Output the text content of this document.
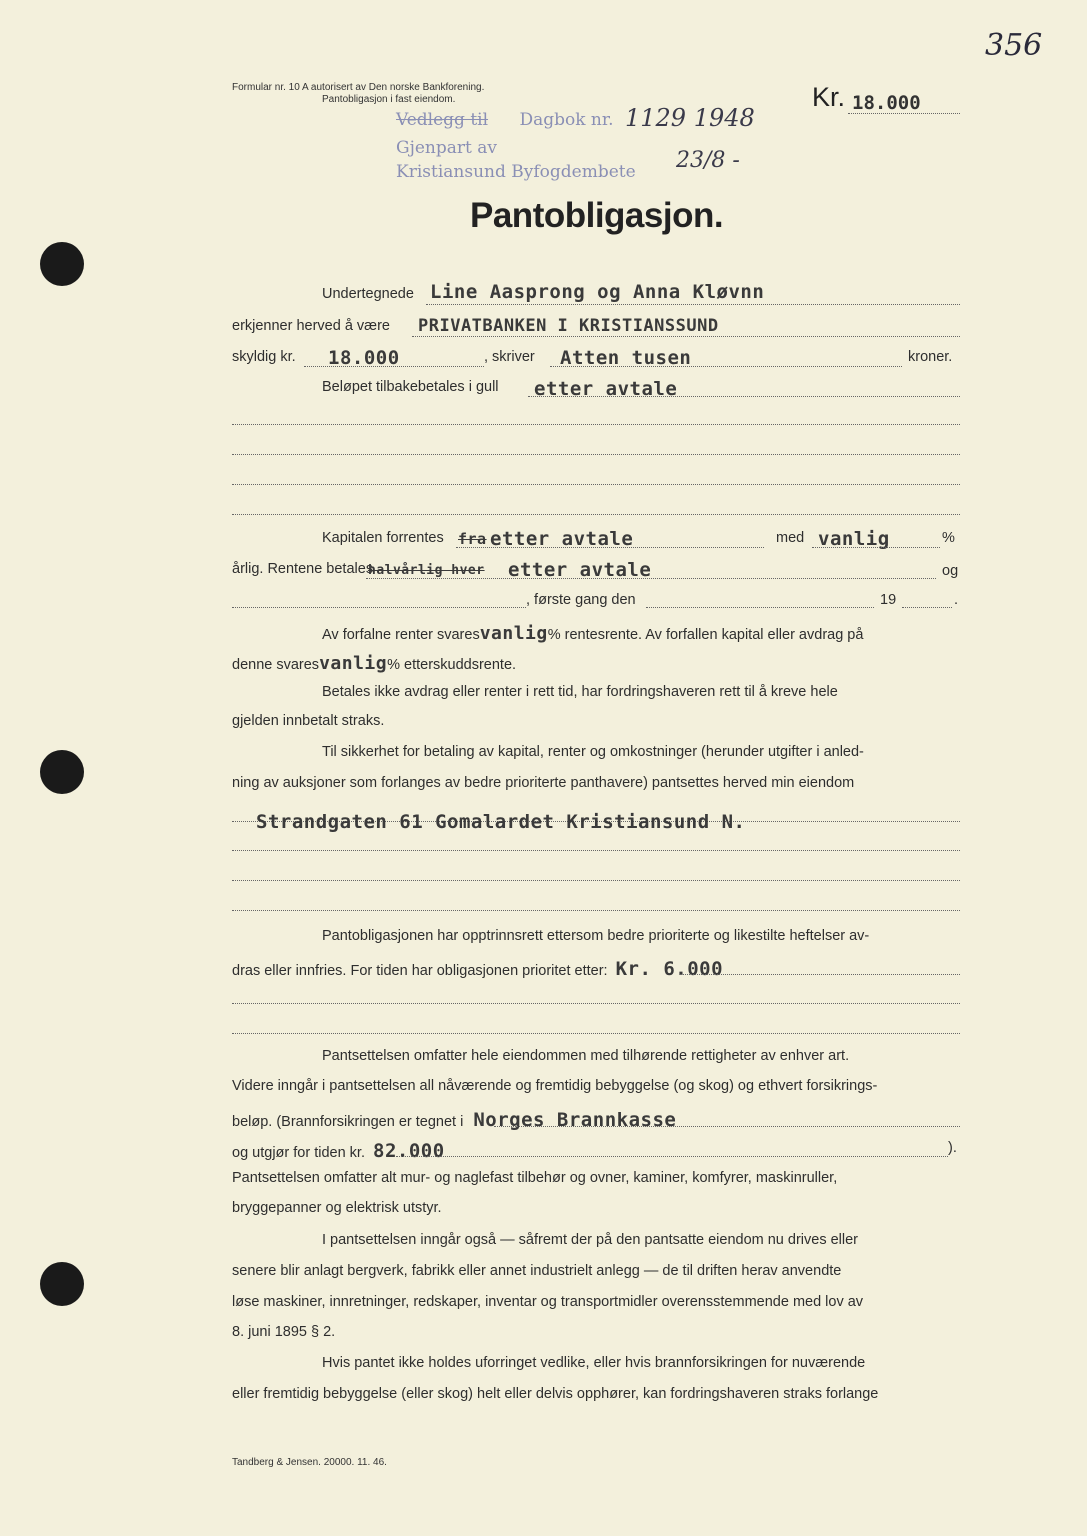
356
Formular nr. 10 A autorisert av Den norske Bankforening.
Pantobligasjon i fast eiendom.	Kr. 18.000
Vedlegg til Dagbok nr. 1129 1948
Gjenpart av
Kristiansund Byfogdembete 23/8 -
Pantobligasjon.
Undertegnede Line Aasprong og Anna Kløvnn
erkjenner herved å være PRIVATBANKEN I KRISTIANSSUND
skyldig kr. 18.000	, skriver Atten tusen	kroner.
Beløpet tilbakebetales i gull etter avtale
Kapitalen forrentes fra etter avtale	med vanlig	%
årlig. Rentene betales
halvårlig hver etter avtale	og
, første gang den	19	.
Av forfalne renter svaresvanlig% rentesrente. Av forfallen kapital eller avdrag på
denne svaresvanlig% etterskuddsrente.
Betales ikke avdrag eller renter i rett tid, har fordringshaveren rett til å kreve hele
gjelden innbetalt straks.
Til sikkerhet for betaling av kapital, renter og omkostninger (herunder utgifter i anled-
ning av auksjoner som forlanges av bedre prioriterte panthavere) pantsettes herved min eiendom
Strandgaten 61 Gomalardet Kristiansund N.
Pantobligasjonen har opptrinnsrett ettersom bedre prioriterte og likestilte heftelser av-
dras eller innfries. For tiden har obligasjonen prioritet etter: Kr. 6.000
Pantsettelsen omfatter hele eiendommen med tilhørende rettigheter av enhver art.
Videre inngår i pantsettelsen all nåværende og fremtidig bebyggelse (og skog) og ethvert forsikrings-
beløp. (Brannforsikringen er tegnet i Norges Brannkasse
og utgjør for tiden kr. 82.000	).
Pantsettelsen omfatter alt mur- og naglefast tilbehør og ovner, kaminer, komfyrer, maskinruller,
bryggepanner og elektrisk utstyr.
I pantsettelsen inngår også — såfremt der på den pantsatte eiendom nu drives eller
senere blir anlagt bergverk, fabrikk eller annet industrielt anlegg — de til driften herav anvendte
løse maskiner, innretninger, redskaper, inventar og transportmidler overensstemmende med lov av
8. juni 1895 § 2.
Hvis pantet ikke holdes uforringet vedlike, eller hvis brannforsikringen for nuværende
eller fremtidig bebyggelse (eller skog) helt eller delvis opphører, kan fordringshaveren straks forlange
Tandberg & Jensen. 20000. 11. 46.
